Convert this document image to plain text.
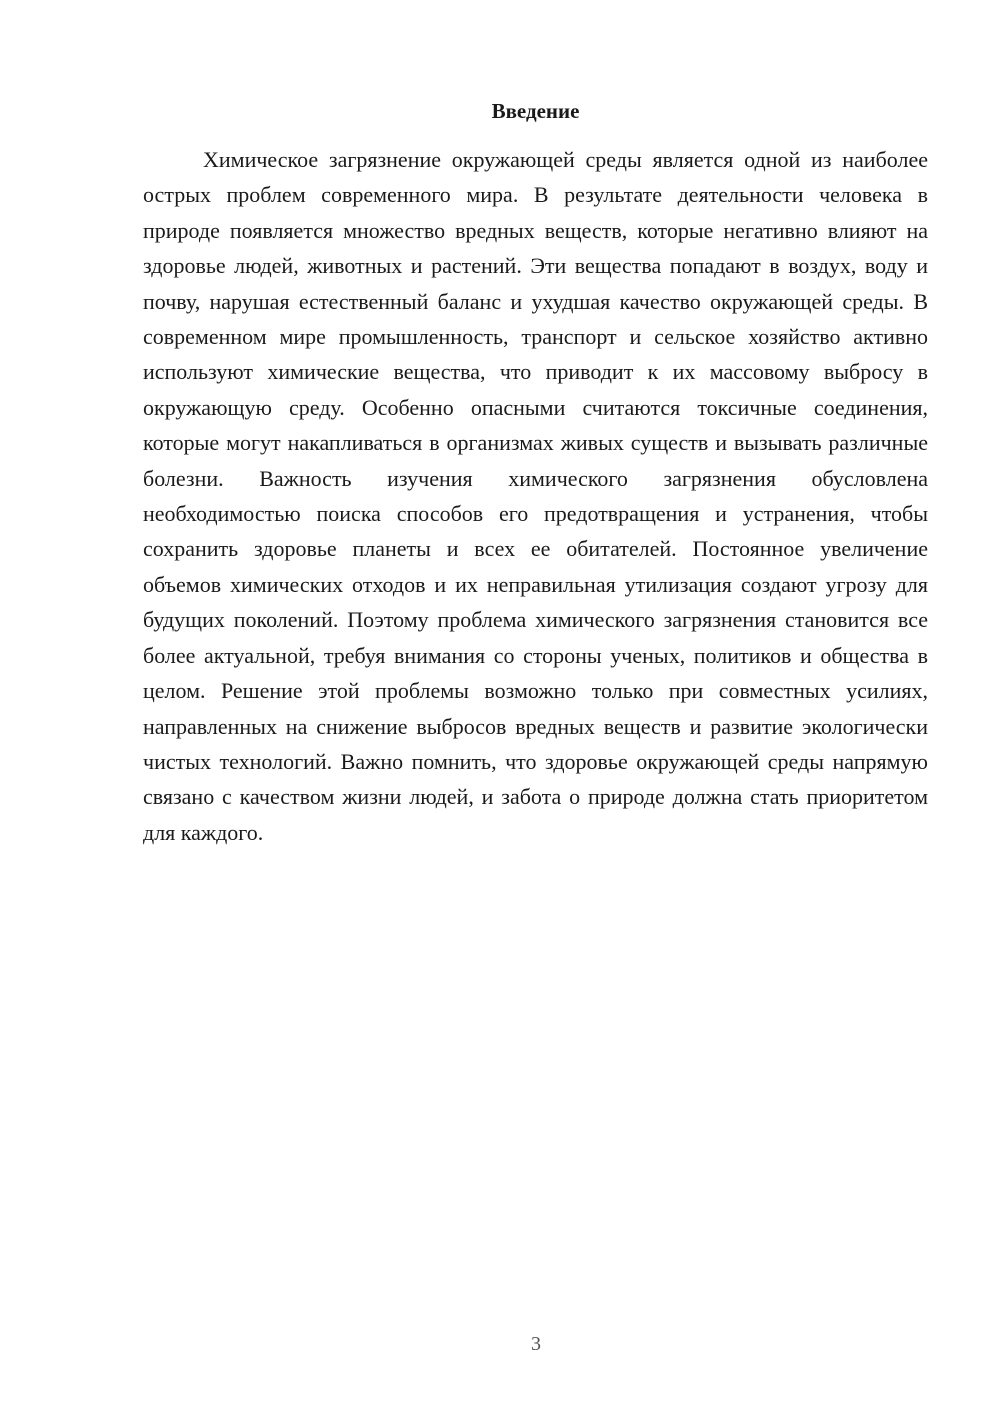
Введение

Химическое загрязнение окружающей среды является одной из наиболее острых проблем современного мира. В результате деятельности человека в природе появляется множество вредных веществ, которые негативно влияют на здоровье людей, животных и растений. Эти вещества попадают в воздух, воду и почву, нарушая естественный баланс и ухудшая качество окружающей среды. В современном мире промышленность, транспорт и сельское хозяйство активно используют химические вещества, что приводит к их массовому выбросу в окружающую среду. Особенно опасными считаются токсичные соединения, которые могут накапливаться в организмах живых существ и вызывать различные болезни. Важность изучения химического загрязнения обусловлена необходимостью поиска способов его предотвращения и устранения, чтобы сохранить здоровье планеты и всех ее обитателей. Постоянное увеличение объемов химических отходов и их неправильная утилизация создают угрозу для будущих поколений. Поэтому проблема химического загрязнения становится все более актуальной, требуя внимания со стороны ученых, политиков и общества в целом. Решение этой проблемы возможно только при совместных усилиях, направленных на снижение выбросов вредных веществ и развитие экологически чистых технологий. Важно помнить, что здоровье окружающей среды напрямую связано с качеством жизни людей, и забота о природе должна стать приоритетом для каждого.

3
